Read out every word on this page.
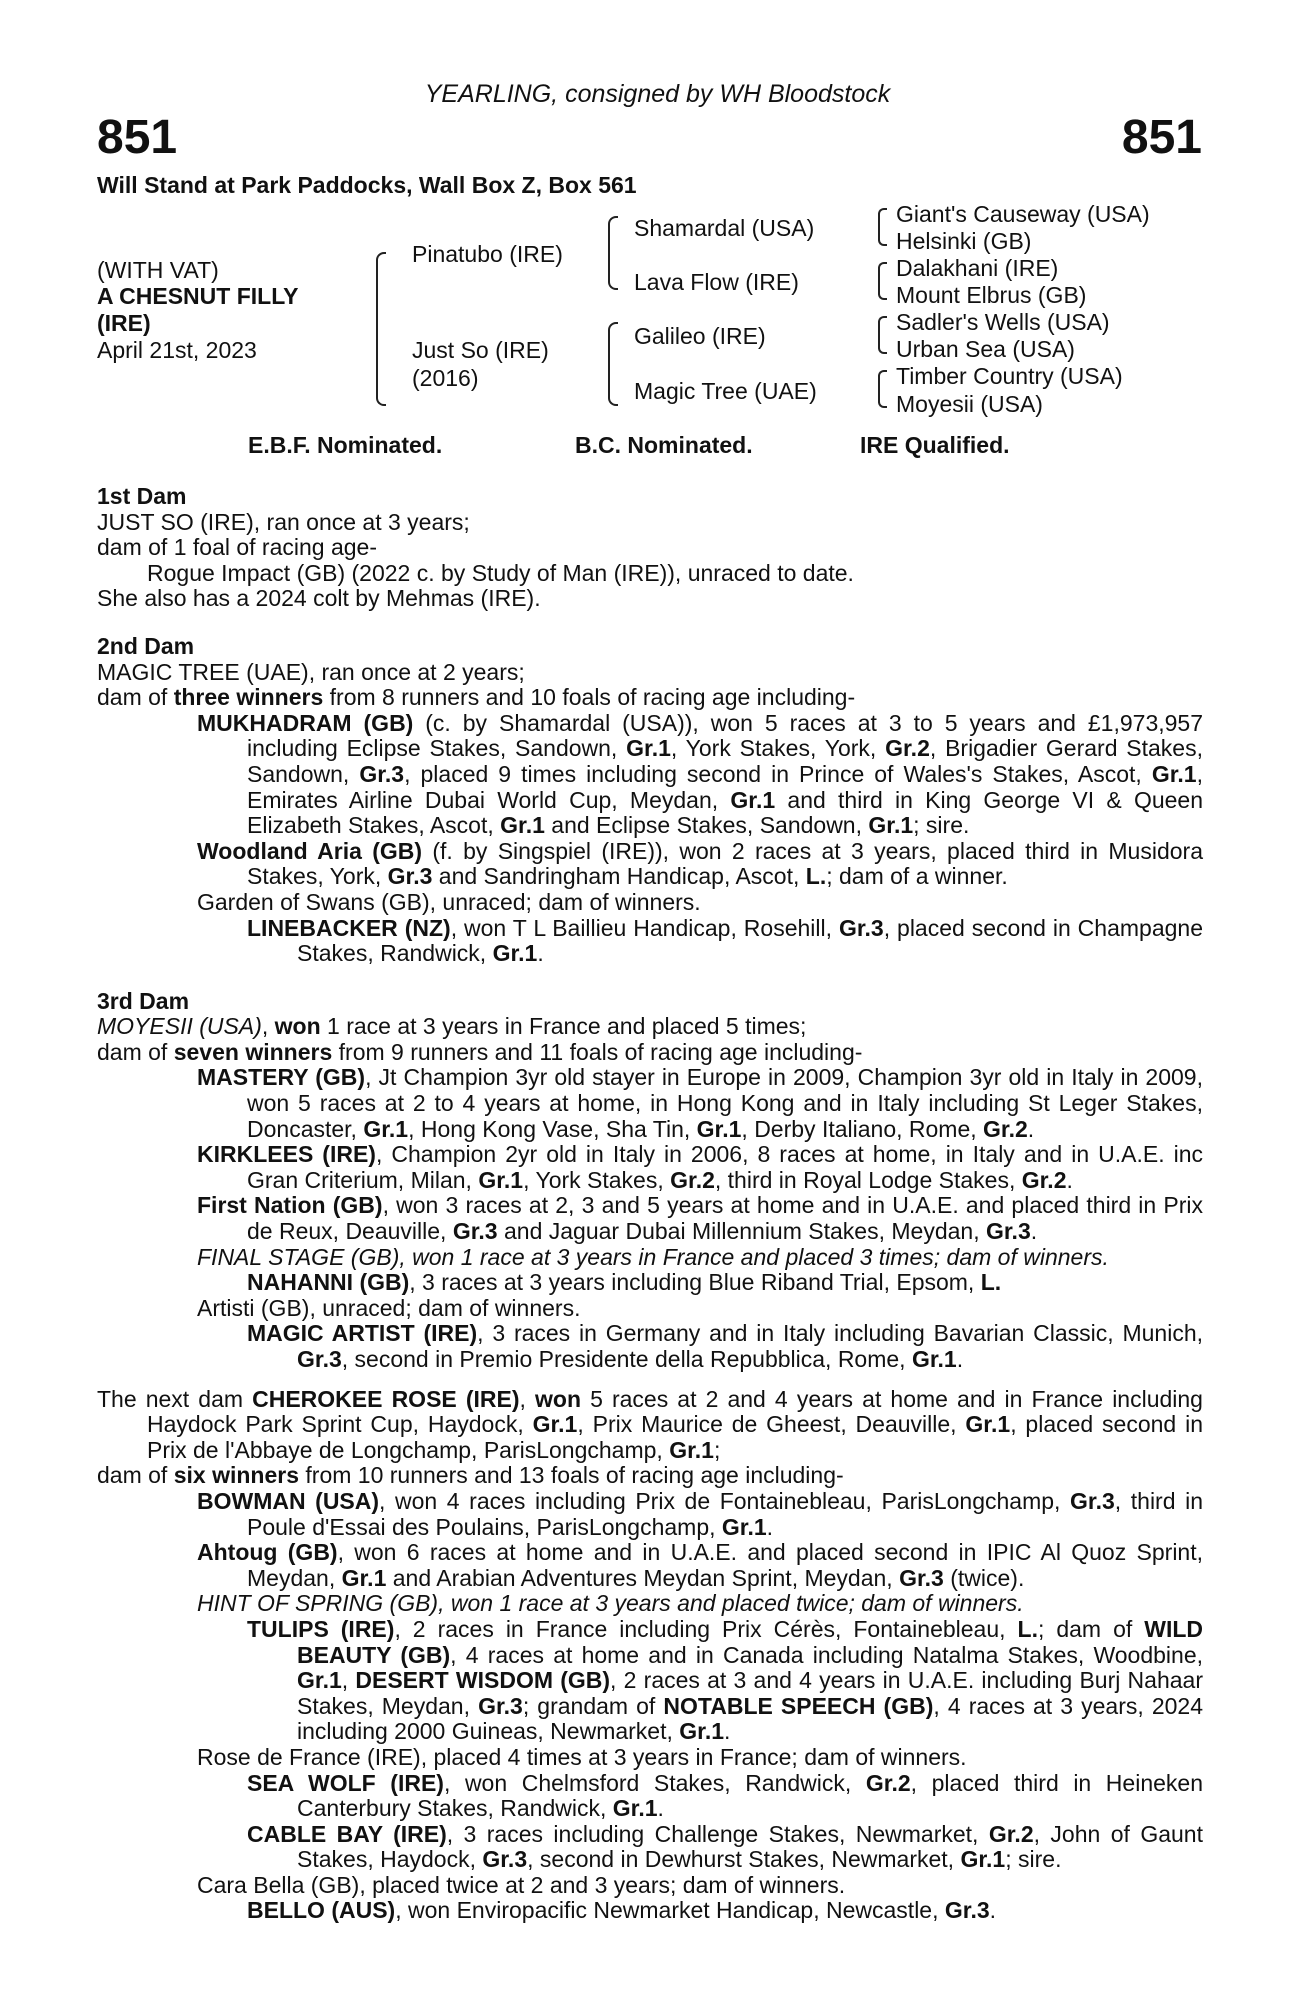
851	851
YEARLING, consigned by WH Bloodstock
Will Stand at Park Paddocks, Wall Box Z, Box 561
(WITH VAT)
A CHESNUT FILLY
(IRE)
April 21st, 2023
Pinatubo (IRE)
Just So (IRE)
(2016)
Shamardal (USA)
Lava Flow (IRE)
Galileo (IRE)
Magic Tree (UAE)
Giant's Causeway (USA)
Helsinki (GB)
Dalakhani (IRE)
Mount Elbrus (GB)
Sadler's Wells (USA)
Urban Sea (USA)
Timber Country (USA)
Moyesii (USA)
E.B.F. Nominated.	B.C. Nominated.	IRE Qualified.

1st Dam

JUST SO (IRE), ran once at 3 years;

dam of 1 foal of racing age-

Rogue Impact (GB) (2022 c. by Study of Man (IRE)), unraced to date.

She also has a 2024 colt by Mehmas (IRE).

2nd Dam

MAGIC TREE (UAE), ran once at 2 years;

dam of three winners from 8 runners and 10 foals of racing age including-

MUKHADRAM (GB) (c. by Shamardal (USA)), won 5 races at 3 to 5 years and £1,973,957 including Eclipse Stakes, Sandown, Gr.1, York Stakes, York, Gr.2, Brigadier Gerard Stakes, Sandown, Gr.3, placed 9 times including second in Prince of Wales's Stakes, Ascot, Gr.1, Emirates Airline Dubai World Cup, Meydan, Gr.1 and third in King George VI & Queen Elizabeth Stakes, Ascot, Gr.1 and Eclipse Stakes, Sandown, Gr.1; sire.

Woodland Aria (GB) (f. by Singspiel (IRE)), won 2 races at 3 years, placed third in Musidora Stakes, York, Gr.3 and Sandringham Handicap, Ascot, L.; dam of a winner.

Garden of Swans (GB), unraced; dam of winners.

LINEBACKER (NZ), won T L Baillieu Handicap, Rosehill, Gr.3, placed second in Champagne Stakes, Randwick, Gr.1.

3rd Dam

MOYESII (USA), won 1 race at 3 years in France and placed 5 times;

dam of seven winners from 9 runners and 11 foals of racing age including-

MASTERY (GB), Jt Champion 3yr old stayer in Europe in 2009, Champion 3yr old in Italy in 2009, won 5 races at 2 to 4 years at home, in Hong Kong and in Italy including St Leger Stakes, Doncaster, Gr.1, Hong Kong Vase, Sha Tin, Gr.1, Derby Italiano, Rome, Gr.2.

KIRKLEES (IRE), Champion 2yr old in Italy in 2006, 8 races at home, in Italy and in U.A.E. inc Gran Criterium, Milan, Gr.1, York Stakes, Gr.2, third in Royal Lodge Stakes, Gr.2.

First Nation (GB), won 3 races at 2, 3 and 5 years at home and in U.A.E. and placed third in Prix de Reux, Deauville, Gr.3 and Jaguar Dubai Millennium Stakes, Meydan, Gr.3.

FINAL STAGE (GB), won 1 race at 3 years in France and placed 3 times; dam of winners.

NAHANNI (GB), 3 races at 3 years including Blue Riband Trial, Epsom, L.

Artisti (GB), unraced; dam of winners.

MAGIC ARTIST (IRE), 3 races in Germany and in Italy including Bavarian Classic, Munich, Gr.3, second in Premio Presidente della Repubblica, Rome, Gr.1.

The next dam CHEROKEE ROSE (IRE), won 5 races at 2 and 4 years at home and in France including Haydock Park Sprint Cup, Haydock, Gr.1, Prix Maurice de Gheest, Deauville, Gr.1, placed second in Prix de l'Abbaye de Longchamp, ParisLongchamp, Gr.1;

dam of six winners from 10 runners and 13 foals of racing age including-

BOWMAN (USA), won 4 races including Prix de Fontainebleau, ParisLongchamp, Gr.3, third in Poule d'Essai des Poulains, ParisLongchamp, Gr.1.

Ahtoug (GB), won 6 races at home and in U.A.E. and placed second in IPIC Al Quoz Sprint, Meydan, Gr.1 and Arabian Adventures Meydan Sprint, Meydan, Gr.3 (twice).

HINT OF SPRING (GB), won 1 race at 3 years and placed twice; dam of winners.

TULIPS (IRE), 2 races in France including Prix Cérès, Fontainebleau, L.; dam of WILD BEAUTY (GB), 4 races at home and in Canada including Natalma Stakes, Woodbine, Gr.1, DESERT WISDOM (GB), 2 races at 3 and 4 years in U.A.E. including Burj Nahaar Stakes, Meydan, Gr.3; grandam of NOTABLE SPEECH (GB), 4 races at 3 years, 2024 including 2000 Guineas, Newmarket, Gr.1.

Rose de France (IRE), placed 4 times at 3 years in France; dam of winners.

SEA WOLF (IRE), won Chelmsford Stakes, Randwick, Gr.2, placed third in Heineken Canterbury Stakes, Randwick, Gr.1.

CABLE BAY (IRE), 3 races including Challenge Stakes, Newmarket, Gr.2, John of Gaunt Stakes, Haydock, Gr.3, second in Dewhurst Stakes, Newmarket, Gr.1; sire.

Cara Bella (GB), placed twice at 2 and 3 years; dam of winners.

BELLO (AUS), won Enviropacific Newmarket Handicap, Newcastle, Gr.3.
